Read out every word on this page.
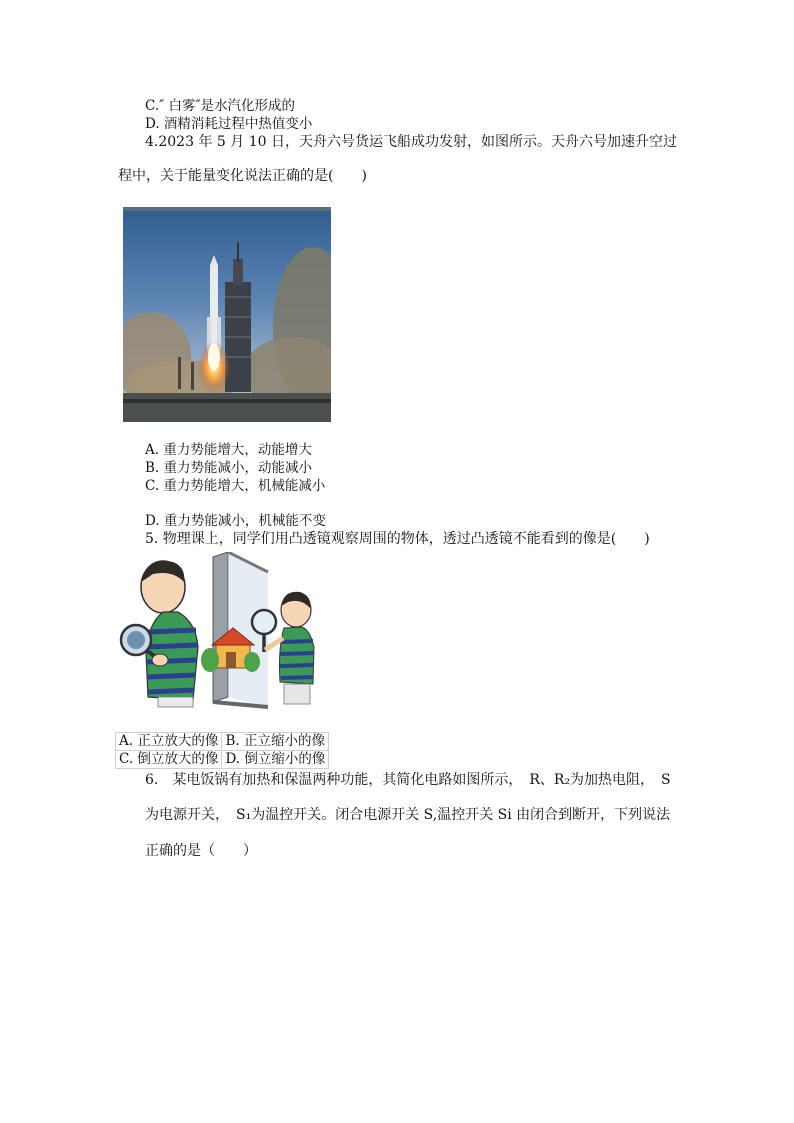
C.″ 白雾″是水汽化形成的
D. 酒精消耗过程中热值变小
4.2023 年 5 月 10 日，天舟六号货运飞船成功发射，如图所示。天舟六号加速升空过
程中，关于能量变化说法正确的是(　　)
A. 重力势能增大，动能增大
B. 重力势能减小，动能减小
C. 重力势能增大，机械能减小
D. 重力势能减小，机械能不变
5. 物理课上，同学们用凸透镜观察周围的物体，透过凸透镜不能看到的像是(　　)
A. 正立放大的像	B. 正立缩小的像
C. 倒立放大的像	D. 倒立缩小的像
6.　某电饭锅有加热和保温两种功能，其简化电路如图所示，　R、R₂为加热电阻，　S
为电源开关，　S₁为温控开关。闭合电源开关 S,温控开关 Si 由闭合到断开，下列说法
正确的是（　　）
